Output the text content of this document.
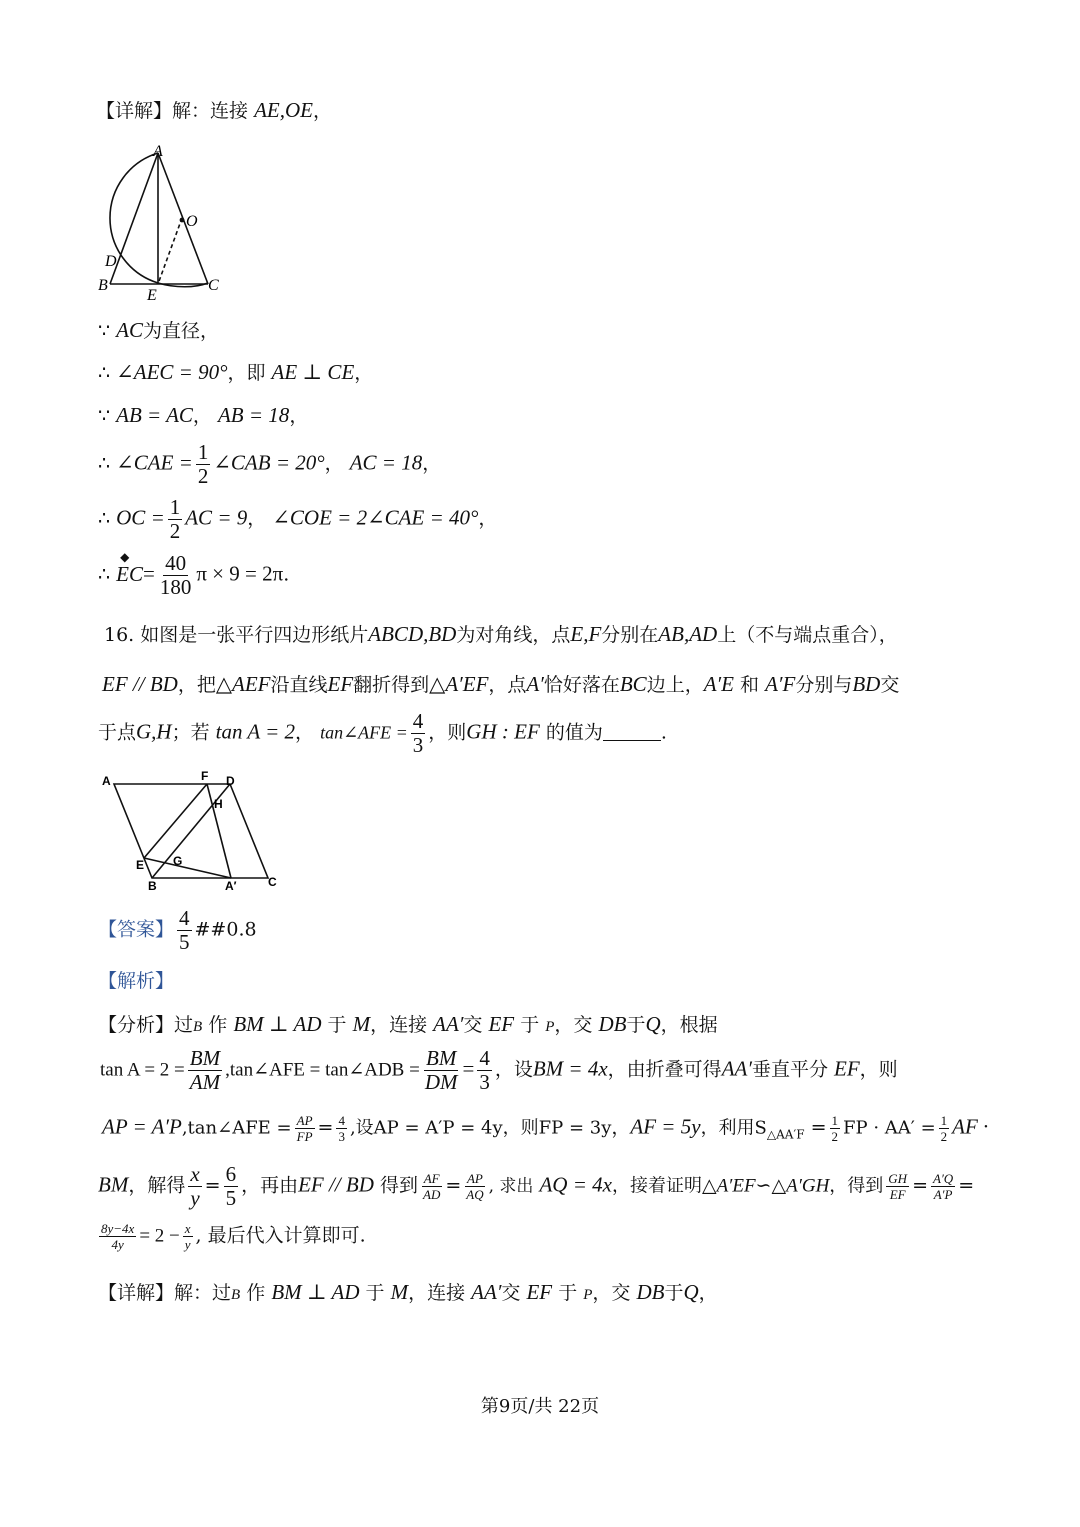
【详解】解：连接 AE,OE，
A
O
D
B
E
C
∵ AC为直径，
∴ ∠AEC = 90°，即 AE ⊥ CE，
∵ AB = AC， AB = 18，
∴ ∠CAE = $\frac{1}{2}$ ∠CAB = 20°， AC = 18，
∴ OC = $\frac{1}{2}$ AC = 9， ∠COE = 2∠CAE = 40°，
∴
◆
$EC= \frac{40}{180}$ π × 9 = 2π.
16. 如图是一张平行四边形纸片ABCD,BD为对角线，点E,F分别在AB,AD上（不与端点重合），
EF // BD，把△AEF沿直线EF翻折得到△A′EF，点A′恰好落在BC边上，A′E 和 A′F分别与BD交
于点G,H；若 tan A = 2， tan∠AFE = $\frac{4}{3}$ ，则GH : EF 的值为	.
A	F D
H
E G
B	A′	C
【答案】 $\frac{4}{5}$ ##0.8
【解析】
【分析】过B 作 BM ⊥ AD 于 M，连接 AA′交 EF 于 P，交 DB于Q，根据
$\tan A = 2 = \frac{BM}{AM}$ ,tan∠AFE = tan∠ADB = $\frac{BM}{DM} = \frac{4}{3}$ ，设BM = 4x，由折叠可得AA′垂直平分 EF，则
AP = A′P,tan∠AFE = $\frac{AP}{FP} = \frac{4}{3}$ ,设AP = A′P = 4y，则FP = 3y，AF = 5y，利用$S_{\triangle AA'F} = \frac{1}{2}$ FP · $AA' = \frac{1}{2}$ AF ·
BM，解得 $\frac{x}{y} = \frac{6}{5}$ ，再由EF // BD 得到 $\frac{AF}{AD} = \frac{AP}{AQ}$ , 求出 AQ = 4x，接着证明△A′EF∽△A′GH，得到 $\frac{GH}{EF} = \frac{A'Q}{A'P}$ =
$\frac{8y-4x}{4y} = 2 - \frac{x}{y}$ , 最后代入计算即可.
【详解】解：过B 作 BM ⊥ AD 于 M，连接 AA′交 EF 于 P，交 DB于Q，
第9页/共 22页
